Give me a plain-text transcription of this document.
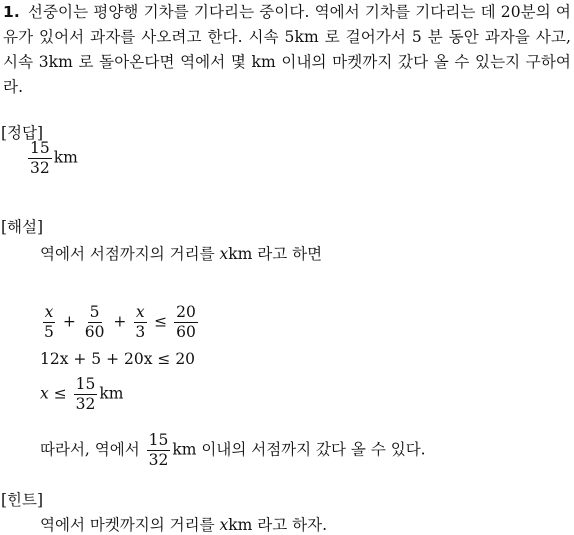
1. 선중이는 평양행 기차를 기다리는 중이다. 역에서 기차를 기다리는 데 20분의 여유가 있어서 과자를 사오려고 한다. 시속 5km 로 걸어가서 5 분 동안 과자을 사고, 시속 3km 로 돌아온다면 역에서 몇 km 이내의 마켓까지 갔다 올 수 있는지 구하여라.
[정답]
$\frac{15}{32}$ km
[해설]
역에서 서점까지의 거리를 xkm 라고 하면
$\frac{x}{5} + \frac{5}{60} + \frac{x}{3} \le \frac{20}{60}$
12x + 5 + 20x ≤ 20
$x \le \frac{15}{32}$ km
따라서, 역에서 $\frac{15}{32}$ km 이내의 서점까지 갔다 올 수 있다.
[힌트]
역에서 마켓까지의 거리를 xkm 라고 하자.
